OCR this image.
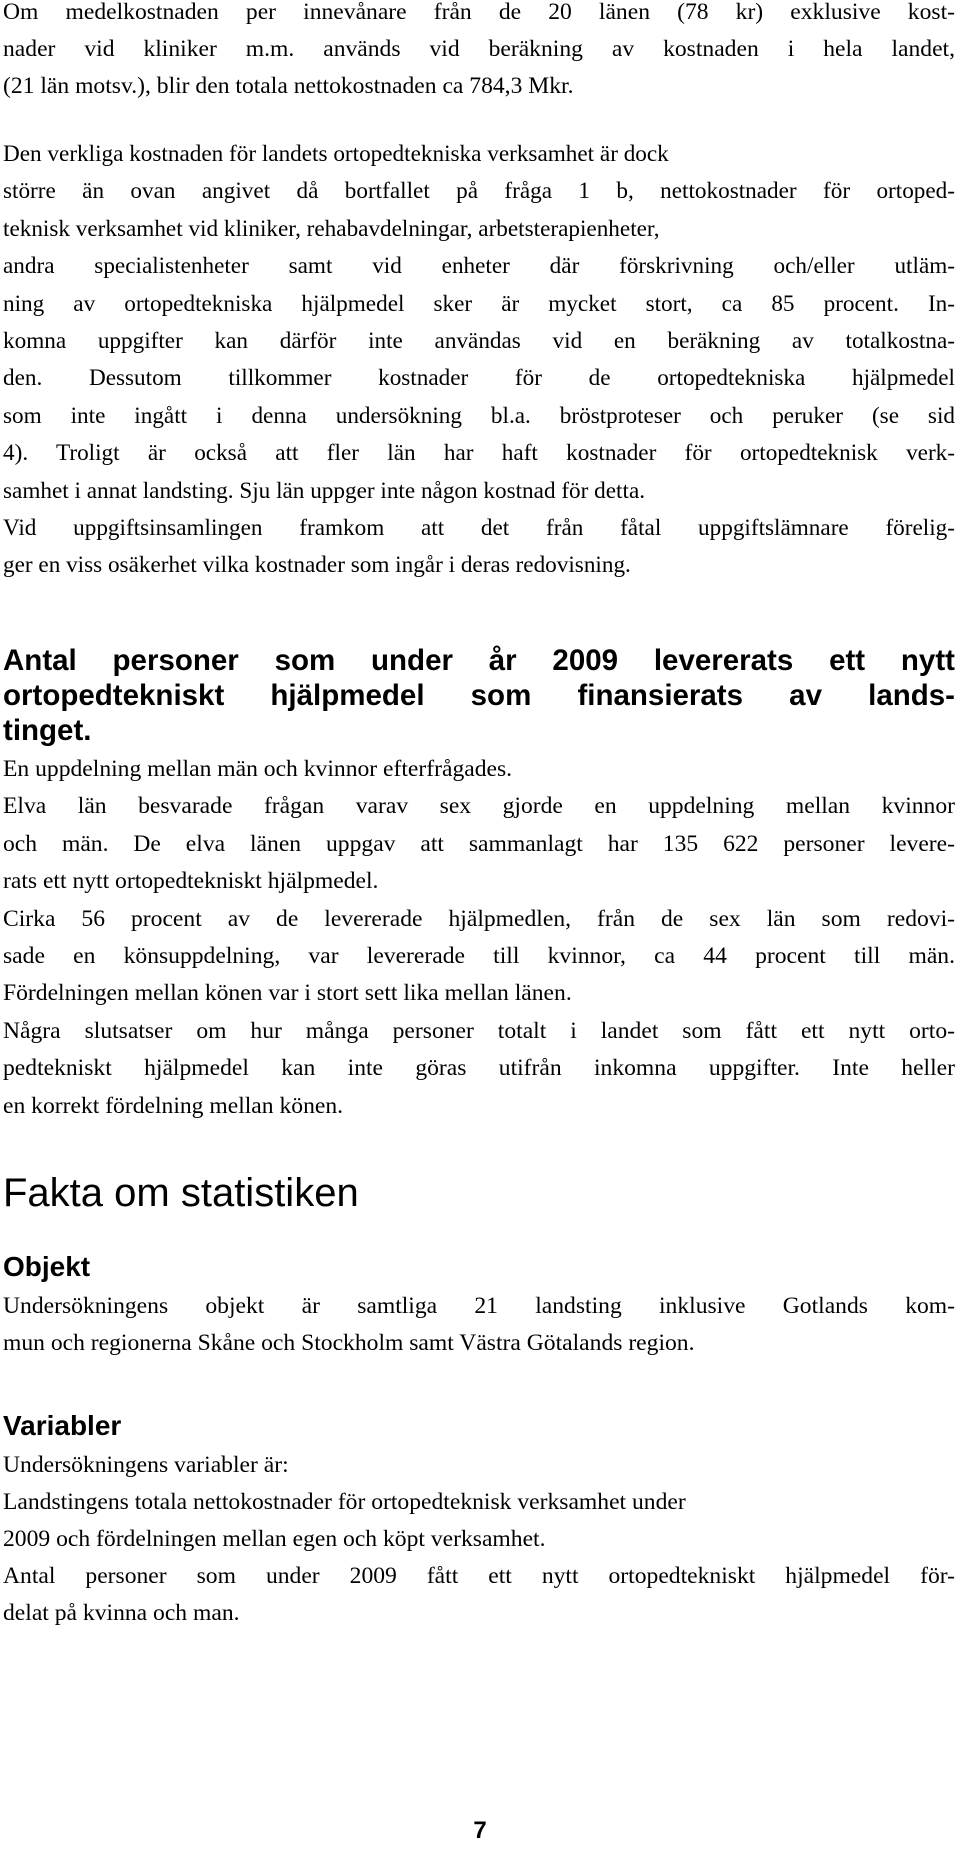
Om medelkostnaden per innevånare från de 20 länen (78 kr) exklusive kost-
nader vid kliniker m.m. används vid beräkning av kostnaden i hela landet,
(21 län motsv.), blir den totala nettokostnaden ca 784,3 Mkr.
Den verkliga kostnaden för landets ortopedtekniska verksamhet är dock
större än ovan angivet då bortfallet på fråga 1 b, nettokostnader för ortoped-
teknisk verksamhet vid kliniker, rehabavdelningar, arbetsterapienheter,
andra specialistenheter samt vid enheter där förskrivning och/eller utläm-
ning av ortopedtekniska hjälpmedel sker är mycket stort, ca 85 procent. In-
komna uppgifter kan därför inte användas vid en beräkning av totalkostna-
den. Dessutom tillkommer kostnader för de ortopedtekniska hjälpmedel
som inte ingått i denna undersökning bl.a. bröstproteser och peruker (se sid
4). Troligt är också att fler län har haft kostnader för ortopedteknisk verk-
samhet i annat landsting. Sju län uppger inte någon kostnad för detta.
Vid uppgiftsinsamlingen framkom att det från fåtal uppgiftslämnare förelig-
ger en viss osäkerhet vilka kostnader som ingår i deras redovisning.
Antal personer som under år 2009 levererats ett nytt
ortopedtekniskt hjälpmedel som finansierats av lands-
tinget.
En uppdelning mellan män och kvinnor efterfrågades.
Elva län besvarade frågan varav sex gjorde en uppdelning mellan kvinnor
och män. De elva länen uppgav att sammanlagt har 135 622 personer levere-
rats ett nytt ortopedtekniskt hjälpmedel.
Cirka 56 procent av de levererade hjälpmedlen, från de sex län som redovi-
sade en könsuppdelning, var levererade till kvinnor, ca 44 procent till män.
Fördelningen mellan könen var i stort sett lika mellan länen.
Några slutsatser om hur många personer totalt i landet som fått ett nytt orto-
pedtekniskt hjälpmedel kan inte göras utifrån inkomna uppgifter. Inte heller
en korrekt fördelning mellan könen.
Fakta om statistiken
Objekt
Undersökningens objekt är samtliga 21 landsting inklusive Gotlands kom-
mun och regionerna Skåne och Stockholm samt Västra Götalands region.
Variabler
Undersökningens variabler är:
Landstingens totala nettokostnader för ortopedteknisk verksamhet under
2009 och fördelningen mellan egen och köpt verksamhet.
Antal personer som under 2009 fått ett nytt ortopedtekniskt hjälpmedel för-
delat på kvinna och man.
7
